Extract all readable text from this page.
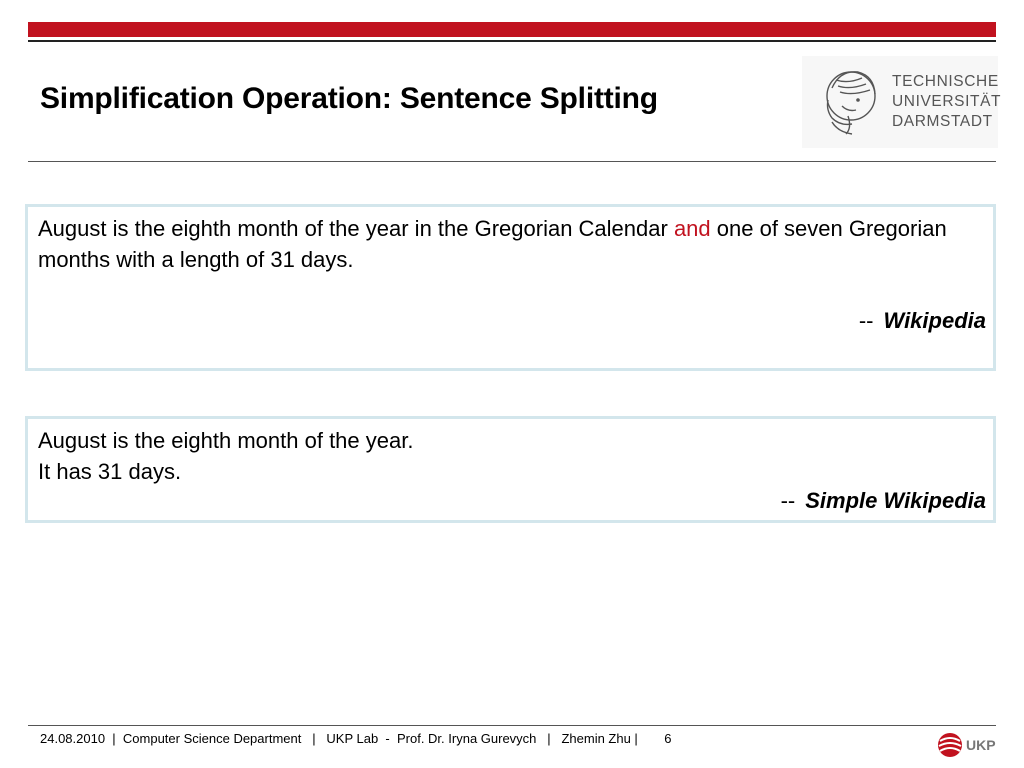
Simplification Operation: Sentence Splitting
TECHNISCHE
UNIVERSITÄT
DARMSTADT
August is the eighth month of the year in the Gregorian Calendar and one of seven Gregorian months with a length of 31 days.
-- Wikipedia
August is the eighth month of the year.
It has 31 days.
-- Simple Wikipedia
24.08.2010  |  Computer Science Department   |   UKP Lab  -  Prof. Dr. Iryna Gurevych   |   Zhemin Zhu | 6	UKP
